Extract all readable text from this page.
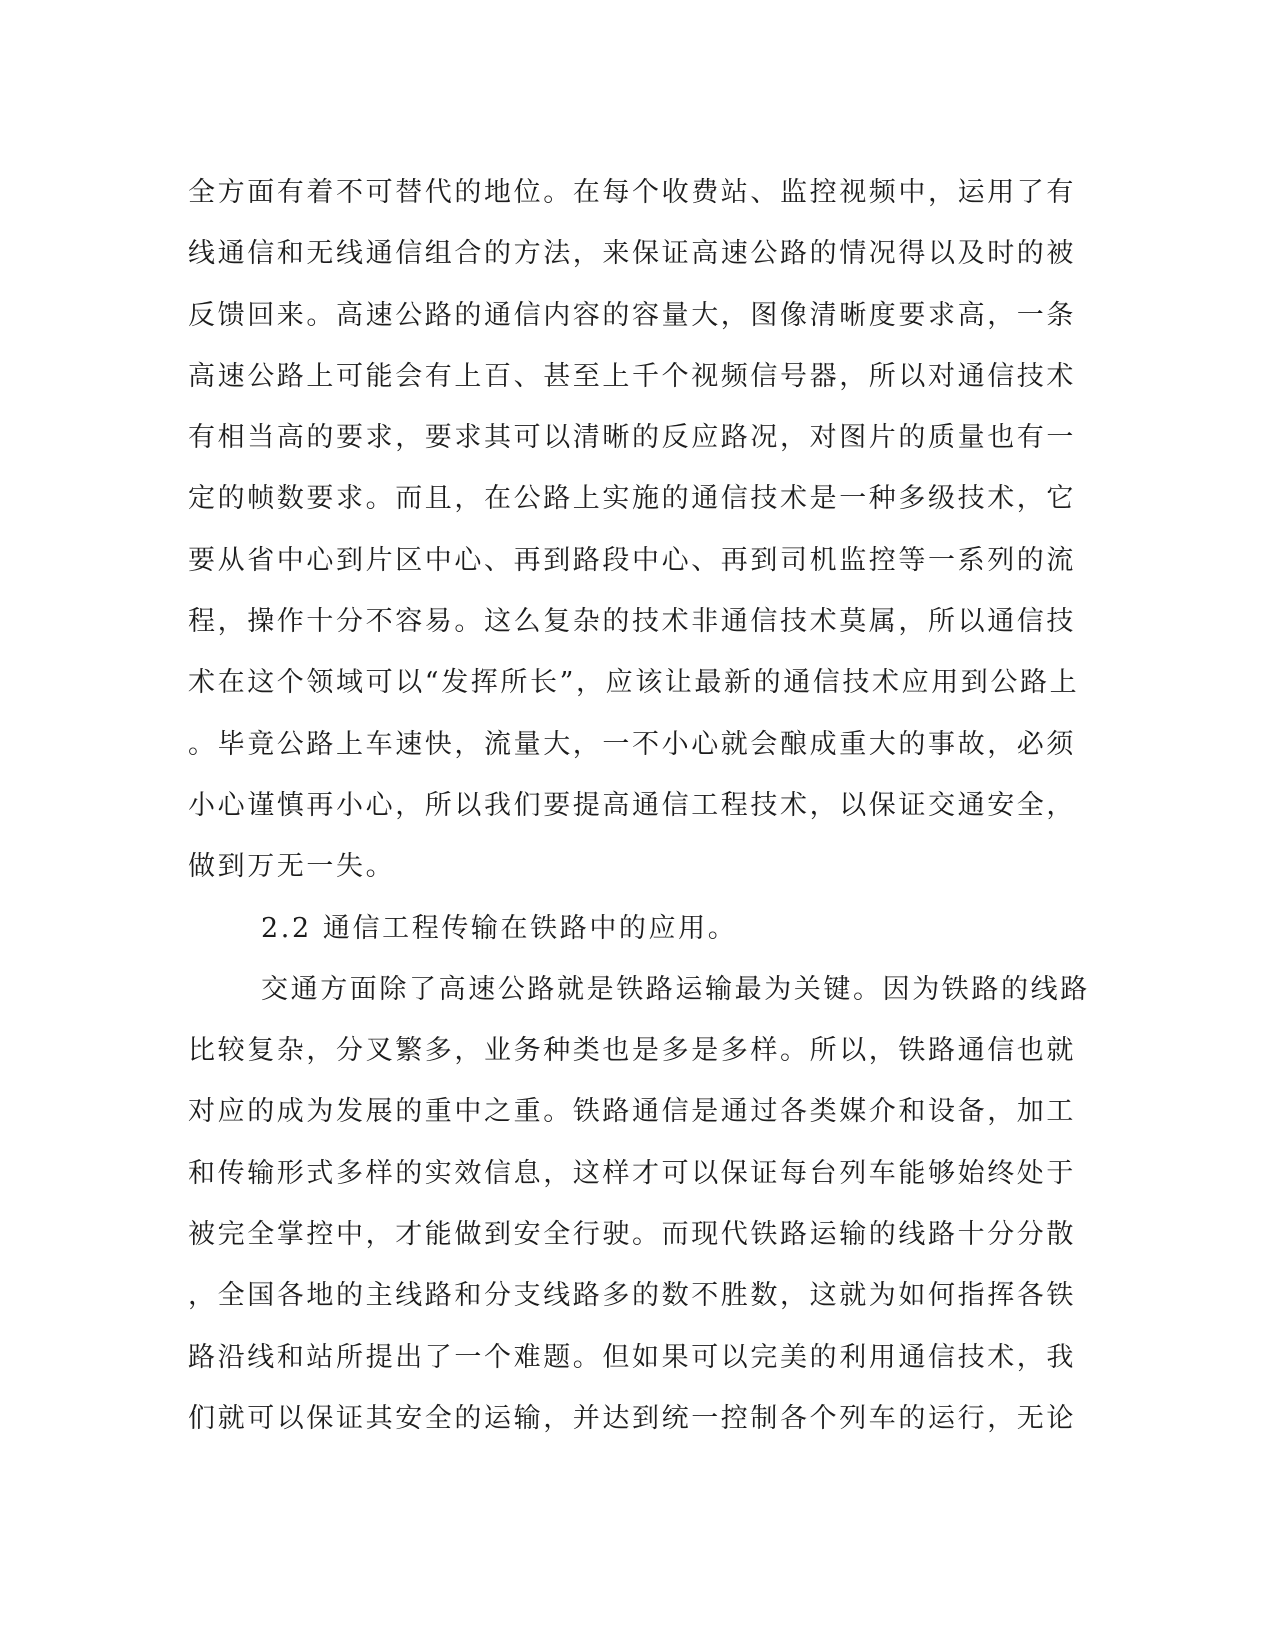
全方面有着不可替代的地位。在每个收费站、监控视频中，运用了有
线通信和无线通信组合的方法，来保证高速公路的情况得以及时的被
反馈回来。高速公路的通信内容的容量大，图像清晰度要求高，一条
高速公路上可能会有上百、甚至上千个视频信号器，所以对通信技术
有相当高的要求，要求其可以清晰的反应路况，对图片的质量也有一
定的帧数要求。而且，在公路上实施的通信技术是一种多级技术，它
要从省中心到片区中心、再到路段中心、再到司机监控等一系列的流
程，操作十分不容易。这么复杂的技术非通信技术莫属，所以通信技
术在这个领域可以“发挥所长”，应该让最新的通信技术应用到公路上
。毕竟公路上车速快，流量大，一不小心就会酿成重大的事故，必须
小心谨慎再小心，所以我们要提高通信工程技术，以保证交通安全，
做到万无一失。
2.2 通信工程传输在铁路中的应用。
交通方面除了高速公路就是铁路运输最为关键。因为铁路的线路
比较复杂，分叉繁多，业务种类也是多是多样。所以，铁路通信也就
对应的成为发展的重中之重。铁路通信是通过各类媒介和设备，加工
和传输形式多样的实效信息，这样才可以保证每台列车能够始终处于
被完全掌控中，才能做到安全行驶。而现代铁路运输的线路十分分散
，全国各地的主线路和分支线路多的数不胜数，这就为如何指挥各铁
路沿线和站所提出了一个难题。但如果可以完美的利用通信技术，我
们就可以保证其安全的运输，并达到统一控制各个列车的运行，无论
